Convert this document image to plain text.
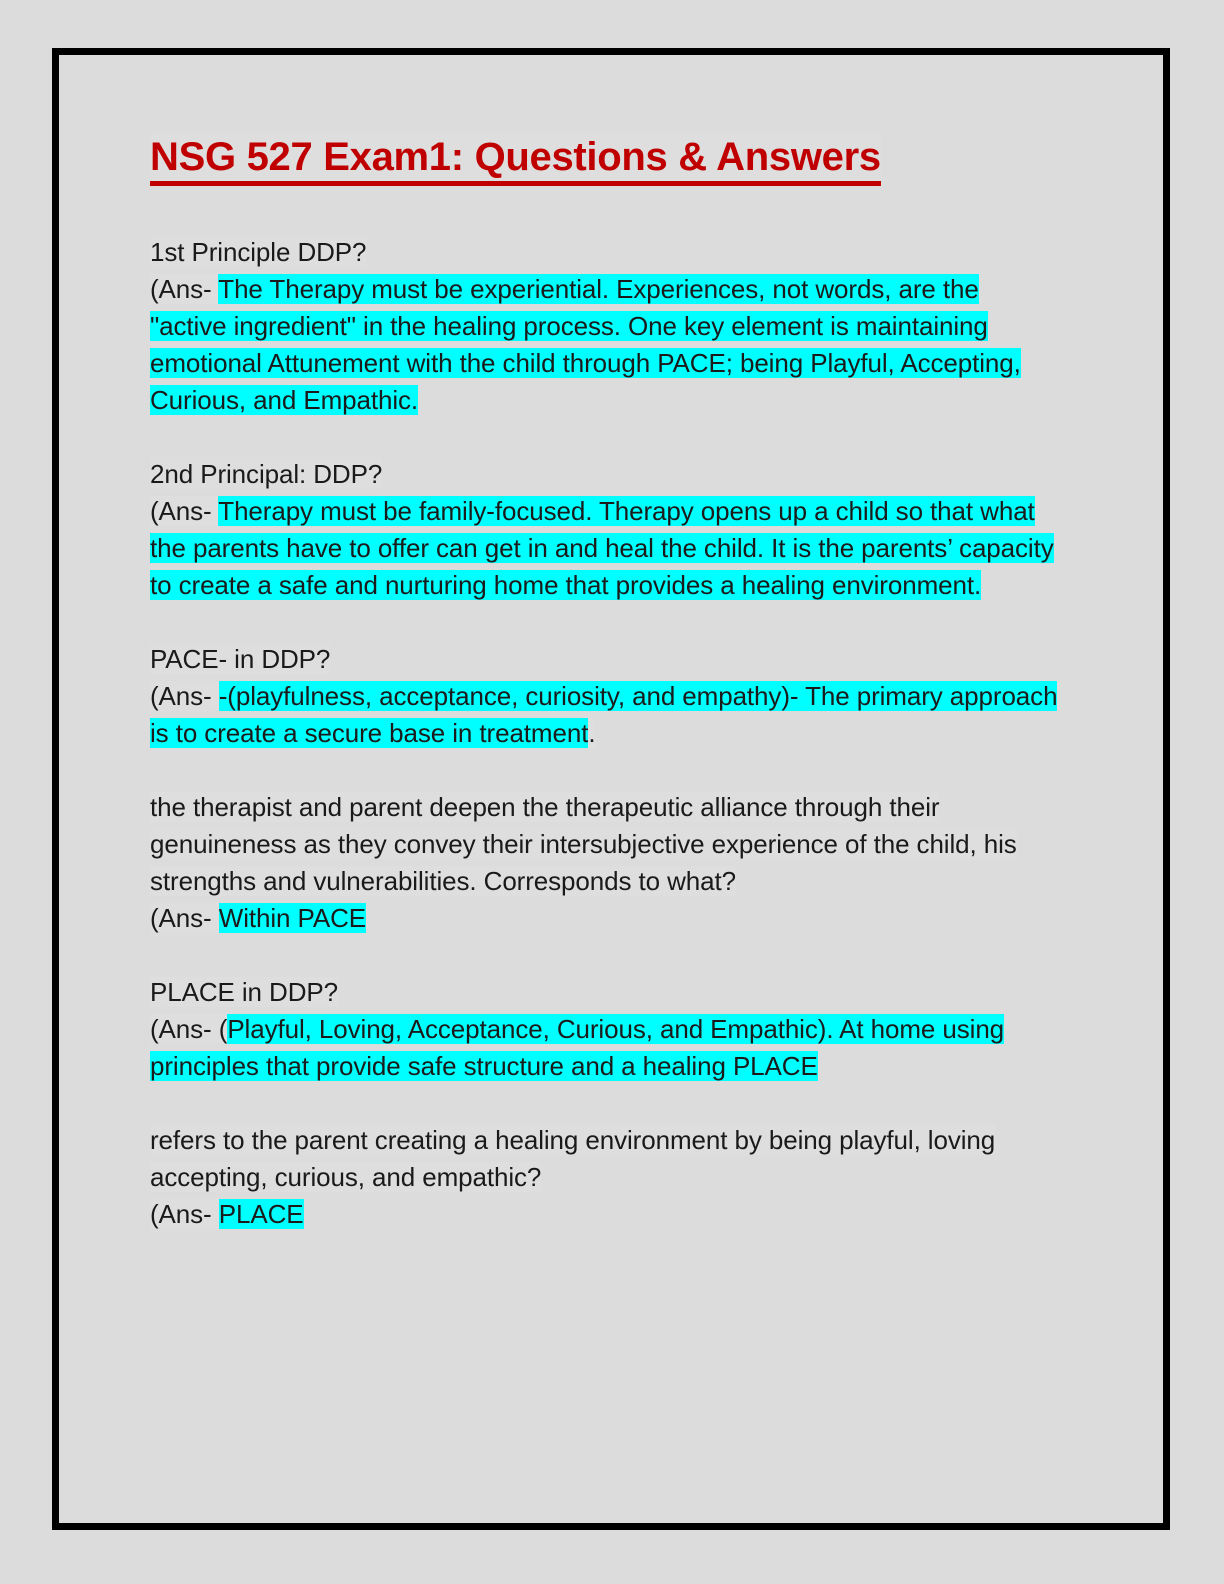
NSG 527 Exam1: Questions & Answers
1st Principle DDP?
(Ans- The Therapy must be experiential. Experiences, not words, are the "active ingredient" in the healing process. One key element is maintaining emotional Attunement with the child through PACE; being Playful, Accepting, Curious, and Empathic.
2nd Principal: DDP?
(Ans- Therapy must be family-focused. Therapy opens up a child so that what the parents have to offer can get in and heal the child. It is the parents’ capacity to create a safe and nurturing home that provides a healing environment.
PACE- in DDP?
(Ans- -(playfulness, acceptance, curiosity, and empathy)- The primary approach is to create a secure base in treatment.
the therapist and parent deepen the therapeutic alliance through their genuineness as they convey their intersubjective experience of the child, his strengths and vulnerabilities. Corresponds to what?
(Ans- Within PACE
PLACE in DDP?
(Ans- (Playful, Loving, Acceptance, Curious, and Empathic). At home using principles that provide safe structure and a healing PLACE
refers to the parent creating a healing environment by being playful, loving accepting, curious, and empathic?
(Ans- PLACE
